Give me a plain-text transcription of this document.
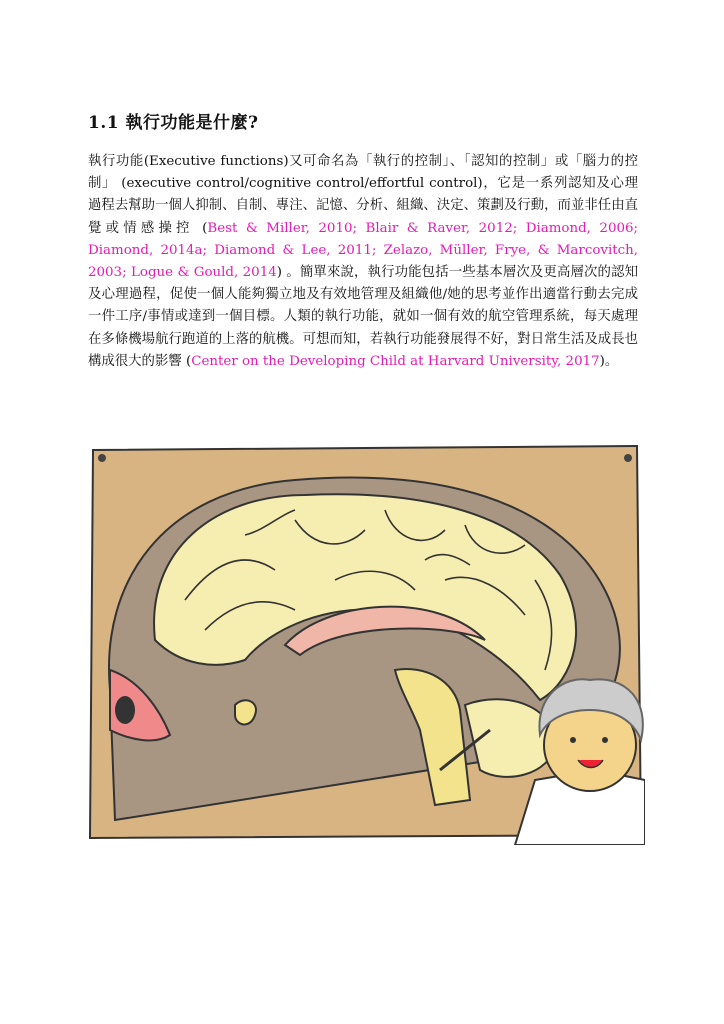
1.1 執行功能是什麼?

執行功能(Executive functions)又可命名為「執行的控制」、「認知的控制」或「腦力的控制」 (executive control/cognitive control/effortful control)，它是一系列認知及心理過程去幫助一個人抑制、自制、專注、記憶、分析、組織、決定、策劃及行動，而並非任由直覺或情感操控 (Best & Miller, 2010; Blair & Raver, 2012; Diamond, 2006; Diamond, 2014a; Diamond & Lee, 2011; Zelazo, Müller, Frye, & Marcovitch, 2003; Logue & Gould, 2014) 。簡單來說，執行功能包括一些基本層次及更高層次的認知及心理過程，促使一個人能夠獨立地及有效地管理及組織他/她的思考並作出適當行動去完成一件工序/事情或達到一個目標。人類的執行功能，就如一個有效的航空管理系統，每天處理在多條機場航行跑道的上落的航機。可想而知，若執行功能發展得不好，對日常生活及成長也構成很大的影響 (Center on the Developing Child at Harvard University, 2017)。
